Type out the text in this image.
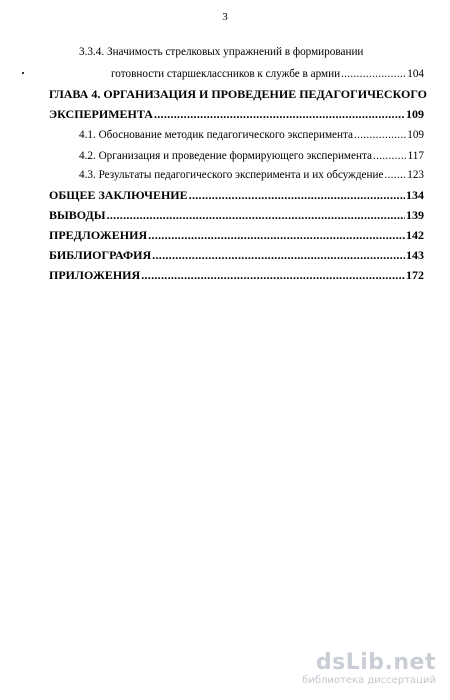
3
3.3.4. Значимость стрелковых упражнений в формировании
готовности старшеклассников к службе в армии .....	104
ГЛАВА 4. ОРГАНИЗАЦИЯ И ПРОВЕДЕНИЕ ПЕДАГОГИЧЕСКОГО
ЭКСПЕРИМЕНТА .....	109
4.1. Обоснование методик педагогического эксперимента .....	109
4.2. Организация и проведение формирующего эксперимента .....	117
4.3. Результаты педагогического эксперимента и их обсуждение ..... 123
ОБЩЕЕ ЗАКЛЮЧЕНИЕ .....	134
ВЫВОДЫ .....	139
ПРЕДЛОЖЕНИЯ .....	142
БИБЛИОГРАФИЯ .....	143
ПРИЛОЖЕНИЯ .....	172
dsLib.net
библиотека диссертаций
